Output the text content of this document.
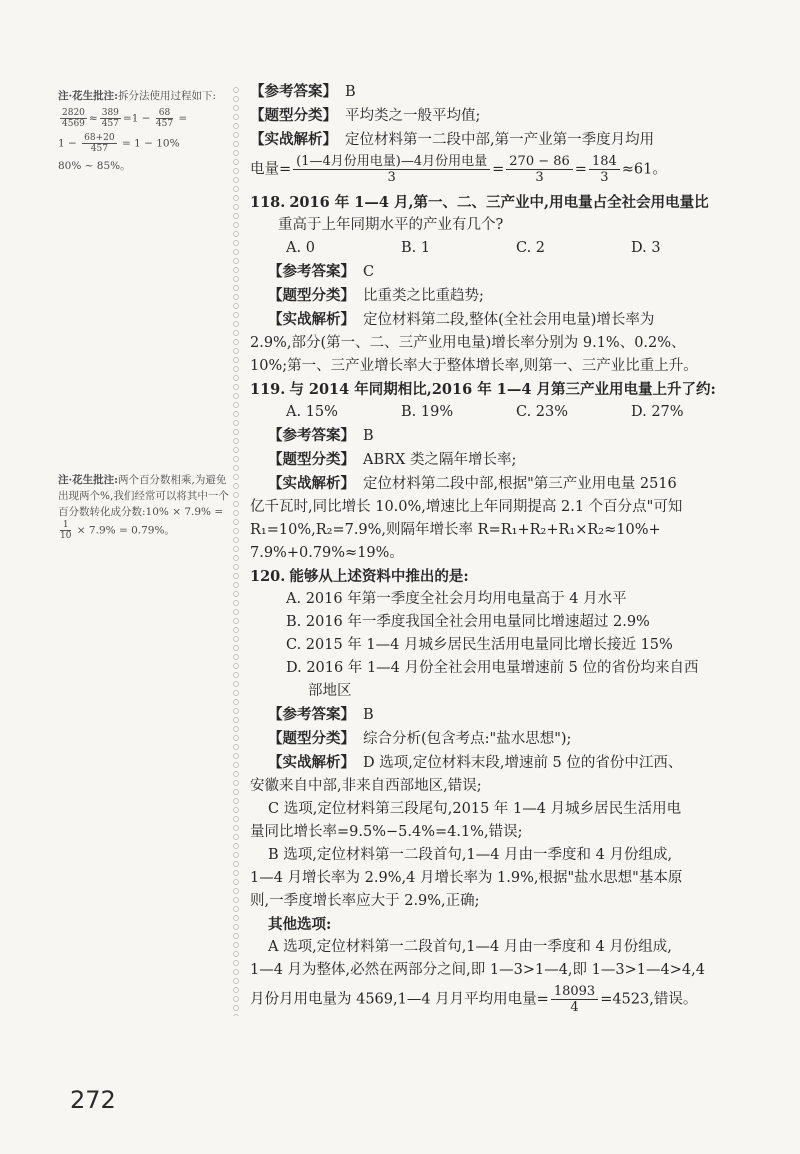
注·花生批注:拆分法使用过程如下:

$\frac{2820}{4569} \approx \frac{389}{457} =1 - \frac{68}{457}$ =

$1 - \frac{68+20}{457} = 1 - 10\%$

80% ~ 85%。

注·花生批注:两个百分数相乘,为避免出现两个%,我们经常可以将其中一个百分数转化成分数:10% × 7.9% =
$\frac{1}{10} \times 7.9\% = 0.79\%$。

【参考答案】 B
【题型分类】 平均类之一般平均值;
【实战解析】 定位材料第一二段中部,第一产业第一季度月均用
电量= $\frac{\text{(1—4月份用电量)—4月份用电量}}{3} = \frac{270 - 86}{3} = \frac{184}{3} \approx 61$。
118. 2016 年 1—4 月,第一、二、三产业中,用电量占全社会用电量比
重高于上年同期水平的产业有几个?
A. 0	B. 1	C. 2	D. 3
【参考答案】 C
【题型分类】 比重类之比重趋势;
【实战解析】 定位材料第二段,整体(全社会用电量)增长率为
2.9%,部分(第一、二、三产业用电量)增长率分别为 9.1%、0.2%、
10%;第一、三产业增长率大于整体增长率,则第一、三产业比重上升。
119. 与 2014 年同期相比,2016 年 1—4 月第三产业用电量上升了约:
A. 15%	B. 19%	C. 23%	D. 27%
【参考答案】 B
【题型分类】 ABRX 类之隔年增长率;
【实战解析】 定位材料第二段中部,根据"第三产业用电量 2516
亿千瓦时,同比增长 10.0%,增速比上年同期提高 2.1 个百分点"可知
R₁=10%,R₂=7.9%,则隔年增长率 R=R₁+R₂+R₁×R₂≈10%+
7.9%+0.79%≈19%。
120. 能够从上述资料中推出的是:
A. 2016 年第一季度全社会月均用电量高于 4 月水平
B. 2016 年一季度我国全社会用电量同比增速超过 2.9%
C. 2015 年 1—4 月城乡居民生活用电量同比增长接近 15%
D. 2016 年 1—4 月份全社会用电量增速前 5 位的省份均来自西
部地区
【参考答案】 B
【题型分类】 综合分析(包含考点:"盐水思想");
【实战解析】 D 选项,定位材料末段,增速前 5 位的省份中江西、
安徽来自中部,非来自西部地区,错误;
C 选项,定位材料第三段尾句,2015 年 1—4 月城乡居民生活用电
量同比增长率=9.5%−5.4%=4.1%,错误;
B 选项,定位材料第一二段首句,1—4 月由一季度和 4 月份组成,
1—4 月增长率为 2.9%,4 月增长率为 1.9%,根据"盐水思想"基本原
则,一季度增长率应大于 2.9%,正确;
其他选项:
A 选项,定位材料第一二段首句,1—4 月由一季度和 4 月份组成,
1—4 月为整体,必然在两部分之间,即 1—3>1—4,即 1—3>1—4>4,4
月份月用电量为 4569,1—4 月月平均用电量= $\frac{18093}{4} =4523$,错误。
272
